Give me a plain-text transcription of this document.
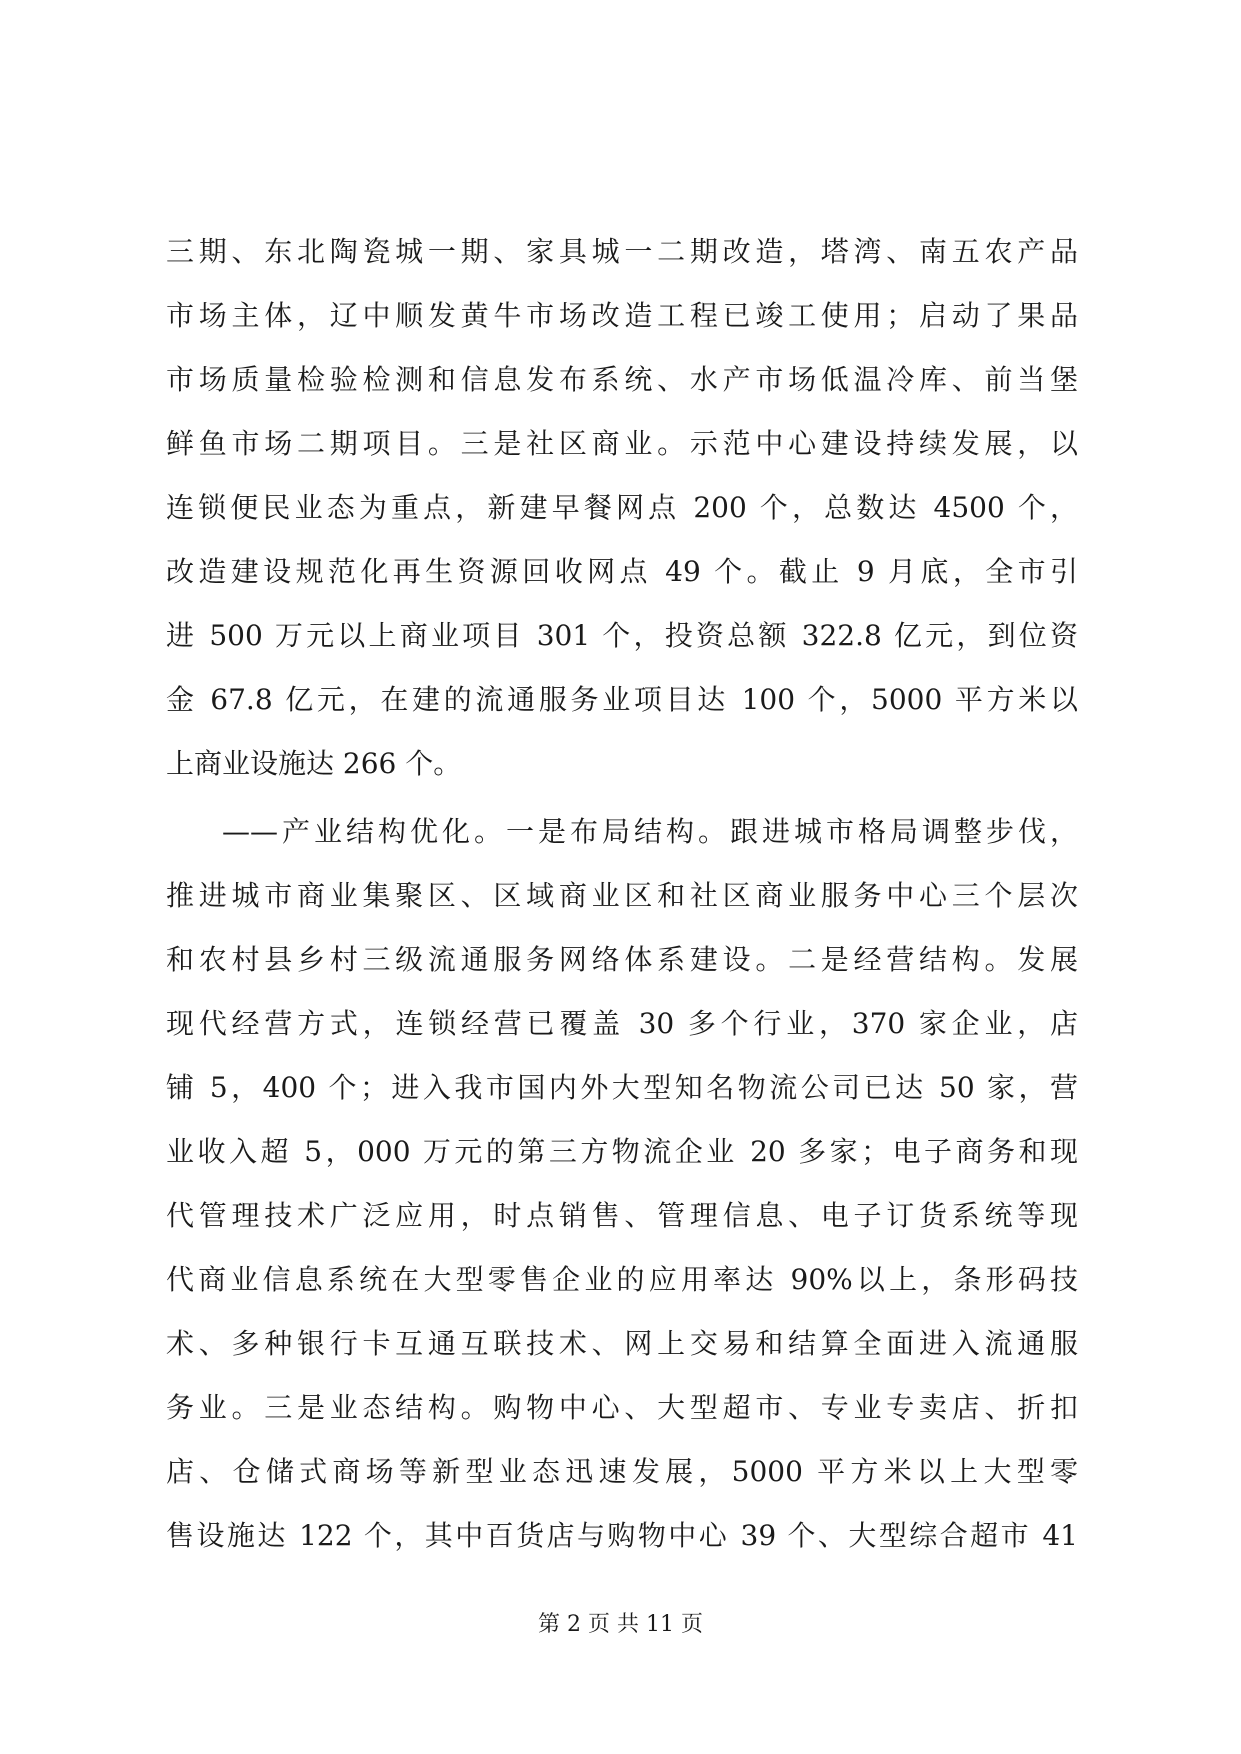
三期、东北陶瓷城一期、家具城一二期改造，塔湾、南五农产品
市场主体，辽中顺发黄牛市场改造工程已竣工使用；启动了果品
市场质量检验检测和信息发布系统、水产市场低温冷库、前当堡
鲜鱼市场二期项目。三是社区商业。示范中心建设持续发展，以
连锁便民业态为重点，新建早餐网点 200 个，总数达 4500 个，
改造建设规范化再生资源回收网点 49 个。截止 9 月底，全市引
进 500 万元以上商业项目 301 个，投资总额 322.8 亿元，到位资
金 67.8 亿元，在建的流通服务业项目达 100 个，5000 平方米以
上商业设施达 266 个。
——产业结构优化。一是布局结构。跟进城市格局调整步伐，
推进城市商业集聚区、区域商业区和社区商业服务中心三个层次
和农村县乡村三级流通服务网络体系建设。二是经营结构。发展
现代经营方式，连锁经营已覆盖 30 多个行业，370 家企业，店
铺 5，400 个；进入我市国内外大型知名物流公司已达 50 家，营
业收入超 5，000 万元的第三方物流企业 20 多家；电子商务和现
代管理技术广泛应用，时点销售、管理信息、电子订货系统等现
代商业信息系统在大型零售企业的应用率达 90%以上，条形码技
术、多种银行卡互通互联技术、网上交易和结算全面进入流通服
务业。三是业态结构。购物中心、大型超市、专业专卖店、折扣
店、仓储式商场等新型业态迅速发展，5000 平方米以上大型零
售设施达 122 个，其中百货店与购物中心 39 个、大型综合超市 41
第 2 页 共 11 页
